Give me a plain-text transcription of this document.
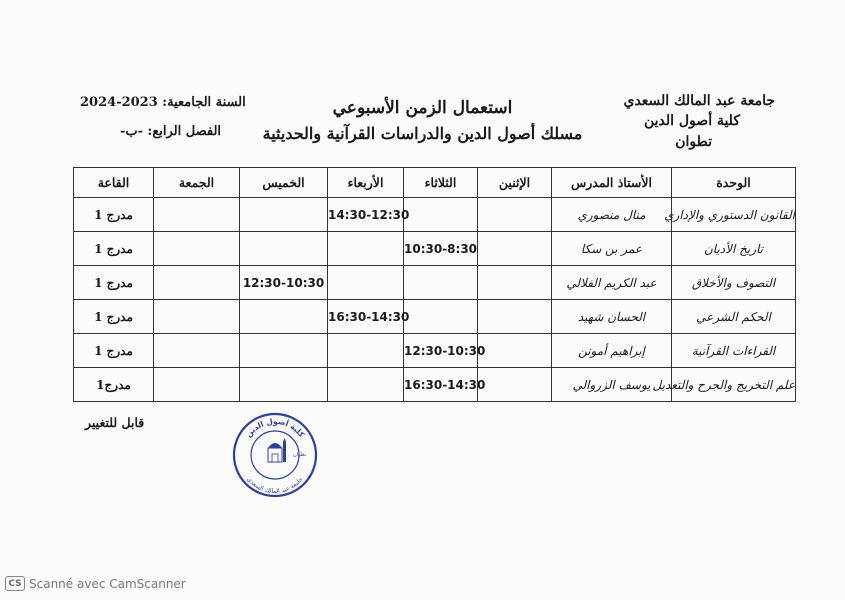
جامعة عبد المالك السعدي
كلية أصول الدين
تطوان
استعمال الزمن الأسبوعي
مسلك أصول الدين والدراسات القرآنية والحديثية
السنة الجامعية: 2023-2024
الفصل الرابع: -ب-
الوحدة	الأستاذ المدرس	الإثنين	الثلاثاء	الأربعاء	الخميس	الجمعة	القاعة
القانون الدستوري والإداري	منال منصوري			14:30-12:30			مدرج 1
تاريخ الأديان	عمر بن سكا		10:30-8:30				مدرج 1
التصوف والأخلاق	عبد الكريم الفلالي				12:30-10:30		مدرج 1
الحكم الشرعي	الحسان شهيد			16:30-14:30			مدرج 1
القراءات القرآنية	إبراهيم أمونن		12:30-10:30				مدرج 1
علم التخريج والجرح والتعديل	يوسف الزروالي		16:30-14:30				مدرج1
قابل للتغيير
كلية أصول الدين
جامعة عبد المالك السعدي
تطوان
CS Scanné avec CamScanner
